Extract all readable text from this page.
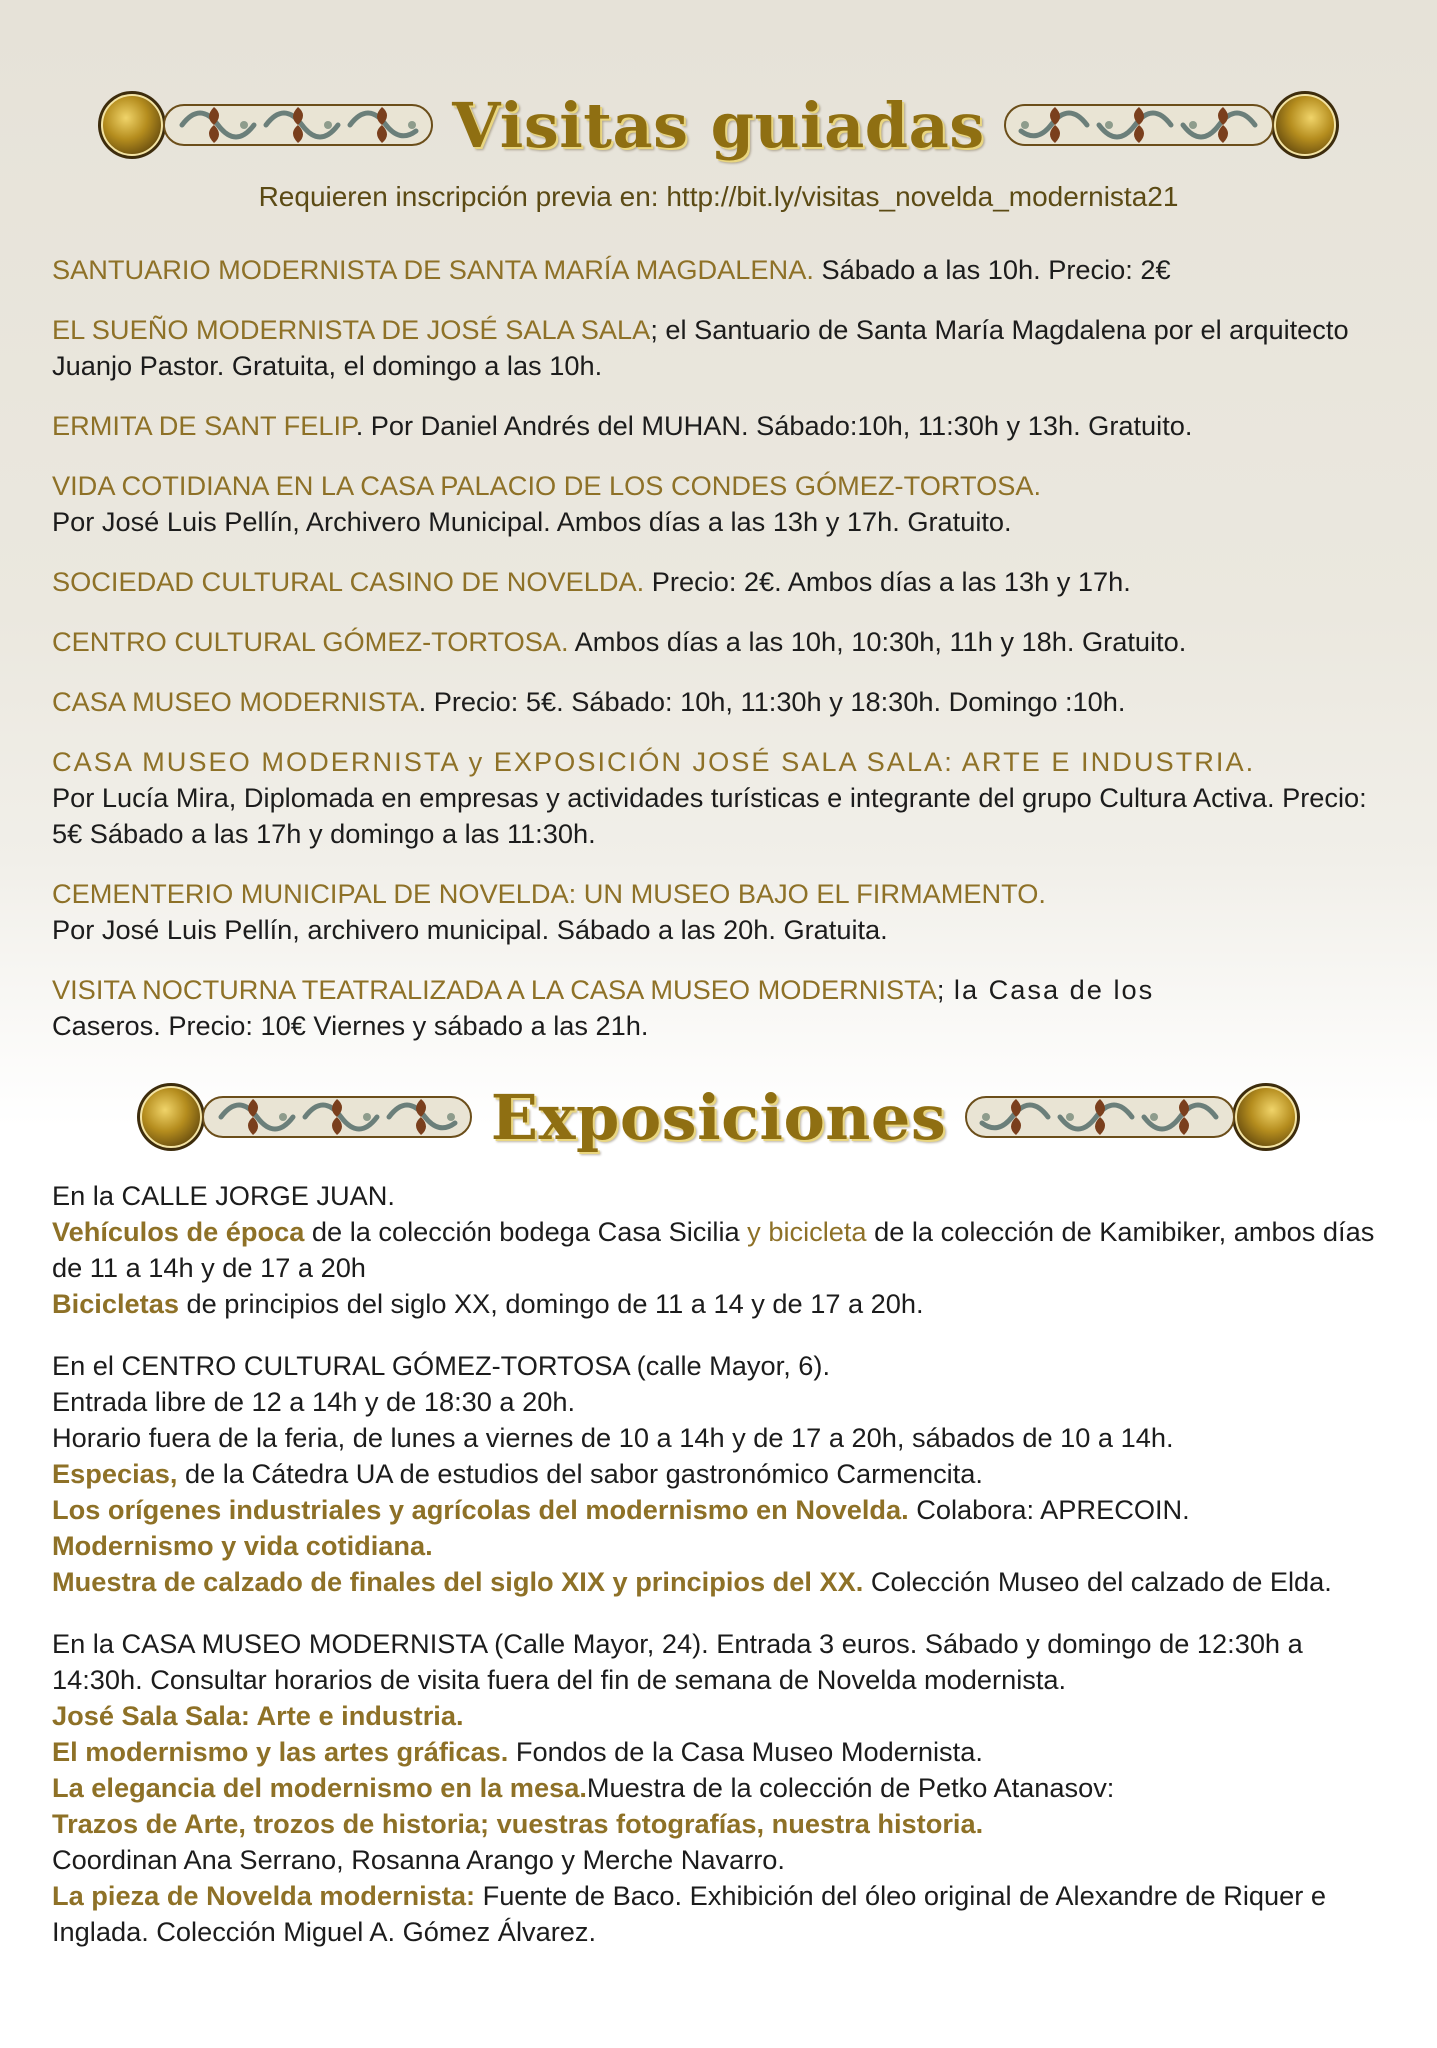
Visitas guiadas
Requieren inscripción previa en: http://bit.ly/visitas_novelda_modernista21
SANTUARIO MODERNISTA DE SANTA MARÍA MAGDALENA. Sábado a las 10h. Precio: 2€
EL SUEÑO MODERNISTA DE JOSÉ SALA SALA; el Santuario de Santa María Magdalena por el arquitecto Juanjo Pastor. Gratuita, el domingo a las 10h.
ERMITA DE SANT FELIP. Por Daniel Andrés del MUHAN. Sábado:10h, 11:30h y 13h. Gratuito.
VIDA COTIDIANA EN LA CASA PALACIO DE LOS CONDES GÓMEZ-TORTOSA.
Por José Luis Pellín, Archivero Municipal. Ambos días a las 13h y 17h. Gratuito.
SOCIEDAD CULTURAL CASINO DE NOVELDA. Precio: 2€. Ambos días a las 13h y 17h.
CENTRO CULTURAL GÓMEZ-TORTOSA. Ambos días a las 10h, 10:30h, 11h y 18h. Gratuito.
CASA MUSEO MODERNISTA. Precio: 5€. Sábado: 10h, 11:30h y 18:30h. Domingo :10h.
CASA MUSEO MODERNISTA y EXPOSICIÓN JOSÉ SALA SALA: ARTE E INDUSTRIA.
Por Lucía Mira, Diplomada en empresas y actividades turísticas e integrante del grupo Cultura Activa. Precio: 5€ Sábado a las 17h y domingo a las 11:30h.
CEMENTERIO MUNICIPAL DE NOVELDA: UN MUSEO BAJO EL FIRMAMENTO.
Por José Luis Pellín, archivero municipal. Sábado a las 20h. Gratuita.
VISITA NOCTURNA TEATRALIZADA A LA CASA MUSEO MODERNISTA; la Casa de los
Caseros. Precio: 10€ Viernes y sábado a las 21h.
Exposiciones

En la CALLE JORGE JUAN.

Vehículos de época de la colección bodega Casa Sicilia y bicicleta de la colección de Kamibiker, ambos días de 11 a 14h y de 17 a 20h

Bicicletas de principios del siglo XX, domingo de 11 a 14 y de 17 a 20h.

En el CENTRO CULTURAL GÓMEZ-TORTOSA (calle Mayor, 6).

Entrada libre de 12 a 14h y de 18:30 a 20h.

Horario fuera de la feria, de lunes a viernes de 10 a 14h y de 17 a 20h, sábados de 10 a 14h.

Especias, de la Cátedra UA de estudios del sabor gastronómico Carmencita.

Los orígenes industriales y agrícolas del modernismo en Novelda. Colabora: APRECOIN.

Modernismo y vida cotidiana.

Muestra de calzado de finales del siglo XIX y principios del XX. Colección Museo del calzado de Elda.

En la CASA MUSEO MODERNISTA (Calle Mayor, 24). Entrada 3 euros. Sábado y domingo de 12:30h a 14:30h. Consultar horarios de visita fuera del fin de semana de Novelda modernista.

José Sala Sala: Arte e industria.

El modernismo y las artes gráficas. Fondos de la Casa Museo Modernista.

La elegancia del modernismo en la mesa.Muestra de la colección de Petko Atanasov:

Trazos de Arte, trozos de historia; vuestras fotografías, nuestra historia.

Coordinan Ana Serrano, Rosanna Arango y Merche Navarro.

La pieza de Novelda modernista: Fuente de Baco. Exhibición del óleo original de Alexandre de Riquer e Inglada. Colección Miguel A. Gómez Álvarez.
